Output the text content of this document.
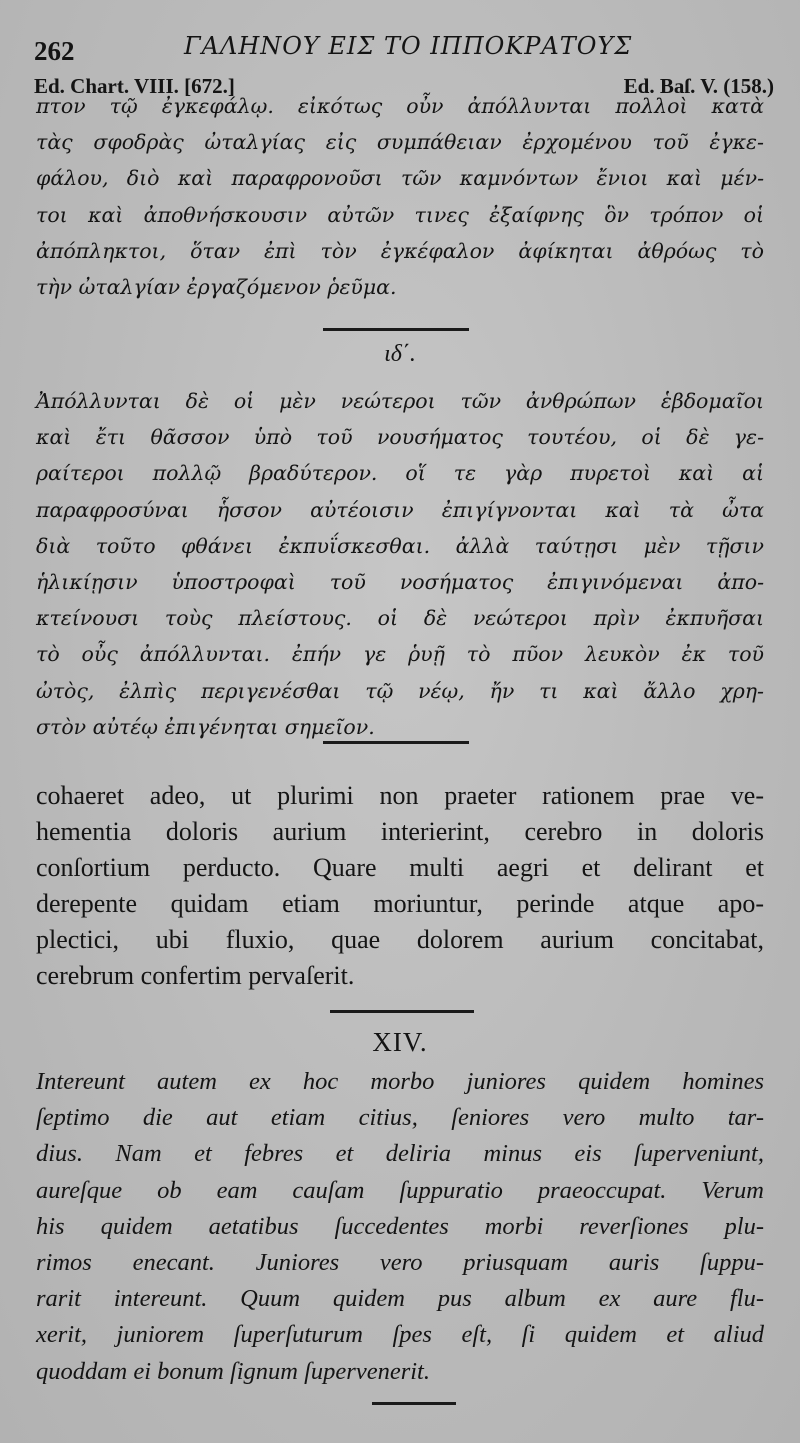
262	ΓΑΛΗΝΟΥ ΕΙΣ ΤΟ ΙΠΠΟΚΡΑΤΟΥΣ
Ed. Chart. VIII. [672.]	Ed. Baſ. V. (158.)
πτον τῷ ἐγκεφάλῳ. εἰκότως οὖν ἀπόλλυνται πολλοὶ κατὰ
τὰς σφοδρὰς ὠταλγίας εἰς συμπάθειαν ἐρχομένου τοῦ ἐγκε-
φάλου, διὸ καὶ παραφρονοῦσι τῶν καμνόντων ἔνιοι καὶ μέν-
τοι καὶ ἀποθνήσκουσιν αὐτῶν τινες ἐξαίφνης ὃν τρόπον οἱ
ἀπόπληκτοι, ὅταν ἐπὶ τὸν ἐγκέφαλον ἀφίκηται ἀθρόως τὸ
τὴν ὠταλγίαν ἐργαζόμενον ῥεῦμα.
ιδ΄.
Ἀπόλλυνται δὲ οἱ μὲν νεώτεροι τῶν ἀνθρώπων ἑβδομαῖοι
καὶ ἔτι θᾶσσον ὑπὸ τοῦ νουσήματος τουτέου, οἱ δὲ γε-
ραίτεροι πολλῷ βραδύτερον. οἵ τε γὰρ πυρετοὶ καὶ αἱ
παραφροσύναι ἧσσον αὐτέοισιν ἐπιγίγνονται καὶ τὰ ὦτα
διὰ τοῦτο φθάνει ἐκπυΐσκεσθαι. ἀλλὰ ταύτῃσι μὲν τῇσιν
ἡλικίῃσιν ὑποστροφαὶ τοῦ νοσήματος ἐπιγινόμεναι ἀπο-
κτείνουσι τοὺς πλείστους. οἱ δὲ νεώτεροι πρὶν ἐκπυῆσαι
τὸ οὖς ἀπόλλυνται. ἐπήν γε ῥυῇ τὸ πῦον λευκὸν ἐκ τοῦ
ὠτὸς, ἐλπὶς περιγενέσθαι τῷ νέῳ, ἤν τι καὶ ἄλλο χρη-
στὸν αὐτέῳ ἐπιγένηται σημεῖον.
cohaeret adeo, ut plurimi non praeter rationem prae ve-
hementia doloris aurium interierint, cerebro in doloris
conſortium perducto. Quare multi aegri et delirant et
derepente quidam etiam moriuntur, perinde atque apo-
plectici, ubi fluxio, quae dolorem aurium concitabat,
cerebrum confertim pervaſerit.
XIV.
Intereunt autem ex hoc morbo juniores quidem homines
ſeptimo die aut etiam citius, ſeniores vero multo tar-
dius. Nam et febres et deliria minus eis ſuperveniunt,
aureſque ob eam cauſam ſuppuratio praeoccupat. Verum
his quidem aetatibus ſuccedentes morbi reverſiones plu-
rimos enecant. Juniores vero priusquam auris ſuppu-
rarit intereunt. Quum quidem pus album ex aure flu-
xerit, juniorem ſuperſuturum ſpes eſt, ſi quidem et aliud
quoddam ei bonum ſignum ſupervenerit.
